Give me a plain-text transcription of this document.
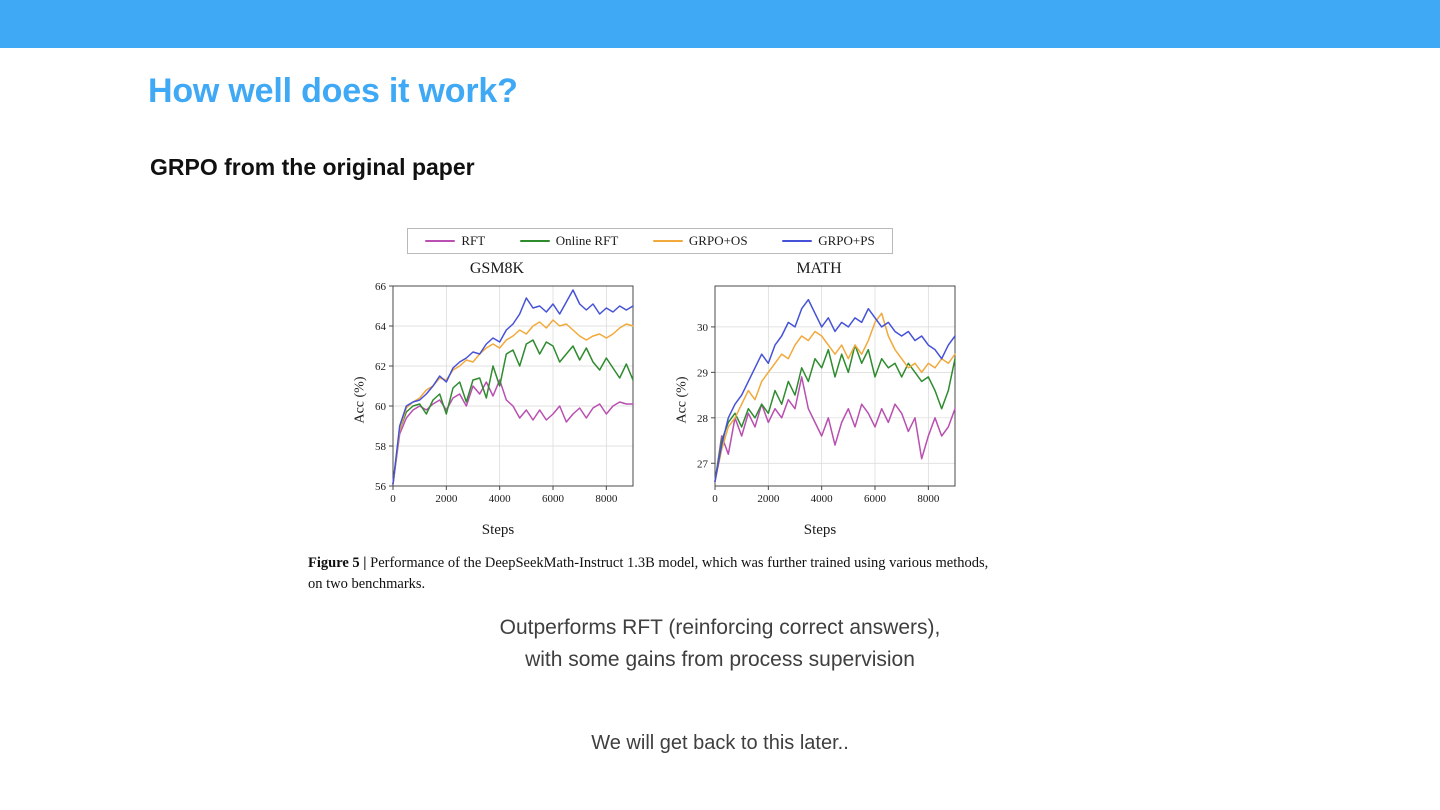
How well does it work?
GRPO from the original paper
RFT	Online RFT	GRPO+OS	GRPO+PS
GSM8K
Acc (%)
56
58
60
62
64
66
0	2000	4000	6000	8000
Steps
MATH
Acc (%)
27
28
29
30
0	2000	4000	6000	8000
Steps
Figure 5 | Performance of the DeepSeekMath-Instruct 1.3B model, which was further trained using various methods, on two benchmarks.
Outperforms RFT (reinforcing correct answers),
with some gains from process supervision
We will get back to this later..
